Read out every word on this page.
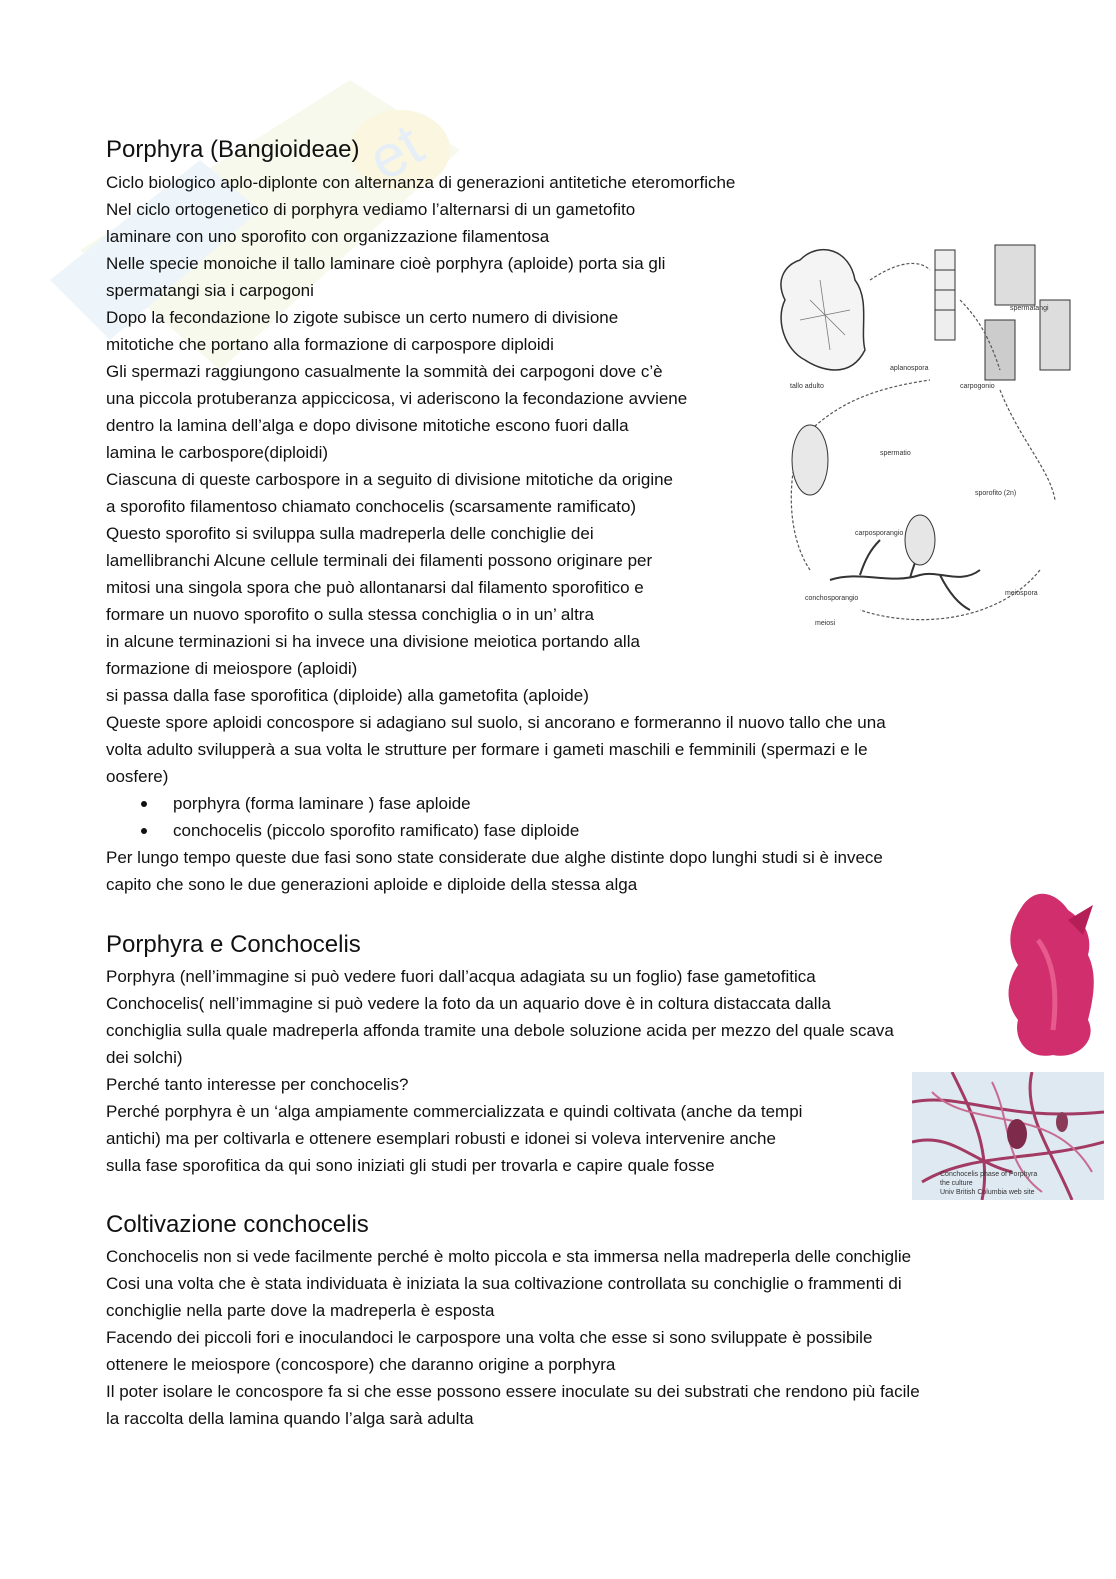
et
Porphyra (Bangioideae)

Ciclo biologico aplo-diplonte con alternanza di generazioni antitetiche eteromorfiche

Nel ciclo ortogenetico di porphyra vediamo l’alternarsi di un gametofito

laminare con uno sporofito con organizzazione filamentosa

Nelle specie monoiche il tallo laminare cioè porphyra (aploide) porta sia gli

spermatangi sia i carpogoni

Dopo la fecondazione lo zigote subisce un certo numero di divisione

mitotiche che portano alla formazione di carpospore diploidi

Gli spermazi raggiungono casualmente la sommità dei carpogoni dove c’è

una piccola protuberanza appiccicosa, vi aderiscono la fecondazione avviene

dentro la lamina dell’alga e dopo divisone mitotiche escono fuori dalla

lamina le carbospore(diploidi)

Ciascuna di queste carbospore in a seguito di divisione mitotiche da origine

a sporofito filamentoso chiamato conchocelis (scarsamente ramificato)

Questo sporofito si sviluppa sulla madreperla delle conchiglie dei

lamellibranchi Alcune cellule terminali dei filamenti possono originare per

mitosi una singola spora che può allontanarsi dal filamento sporofitico e

formare un nuovo sporofito o sulla stessa conchiglia o in un’ altra

in alcune terminazioni si ha invece una divisione meiotica portando alla

formazione di meiospore (aploidi)

si passa dalla fase sporofitica (diploide) alla gametofita (aploide)

Queste spore aploidi concospore si adagiano sul suolo, si ancorano e formeranno il nuovo tallo che una

volta adulto svilupperà a sua volta le strutture per formare i gameti maschili e femminili (spermazi e le

oosfere)

porphyra (forma laminare ) fase aploide

conchocelis (piccolo sporofito ramificato) fase diploide

Per lungo tempo queste due fasi sono state considerate due alghe distinte dopo lunghi studi si è invece

capito che sono le due generazioni aploide e diploide della stessa alga

aplanospora
carpogonio
spermatangi
tallo adulto
spermatio
sporofito (2n)
carposporangio
meiospora
conchosporangio
meiosi
Porphyra e Conchocelis

Porphyra (nell’immagine si può vedere fuori dall’acqua adagiata su un foglio) fase gametofitica

Conchocelis( nell’immagine si può vedere la foto da un aquario dove è in coltura distaccata dalla

conchiglia sulla quale madreperla affonda tramite una debole soluzione acida per mezzo del quale scava

dei solchi)

Perché tanto interesse per conchocelis?

Perché porphyra è un ‘alga ampiamente commercializzata e quindi coltivata (anche da tempi

antichi) ma per coltivarla e ottenere esemplari robusti e idonei si voleva intervenire anche

sulla fase sporofitica da qui sono iniziati gli studi per trovarla e capire quale fosse	Conchocelis phase of Porphyra
the culture
Univ British Columbia web site
Coltivazione conchocelis

Conchocelis non si vede facilmente perché è molto piccola e sta immersa nella madreperla delle conchiglie

Cosi una volta che è stata individuata è iniziata la sua coltivazione controllata su conchiglie o frammenti di

conchiglie nella parte dove la madreperla è esposta

Facendo dei piccoli fori e inoculandoci le carpospore una volta che esse si sono sviluppate è possibile

ottenere le meiospore (concospore) che daranno origine a porphyra

Il poter isolare le concospore fa si che esse possono essere inoculate su dei substrati che rendono più facile

la raccolta della lamina quando l’alga sarà adulta
